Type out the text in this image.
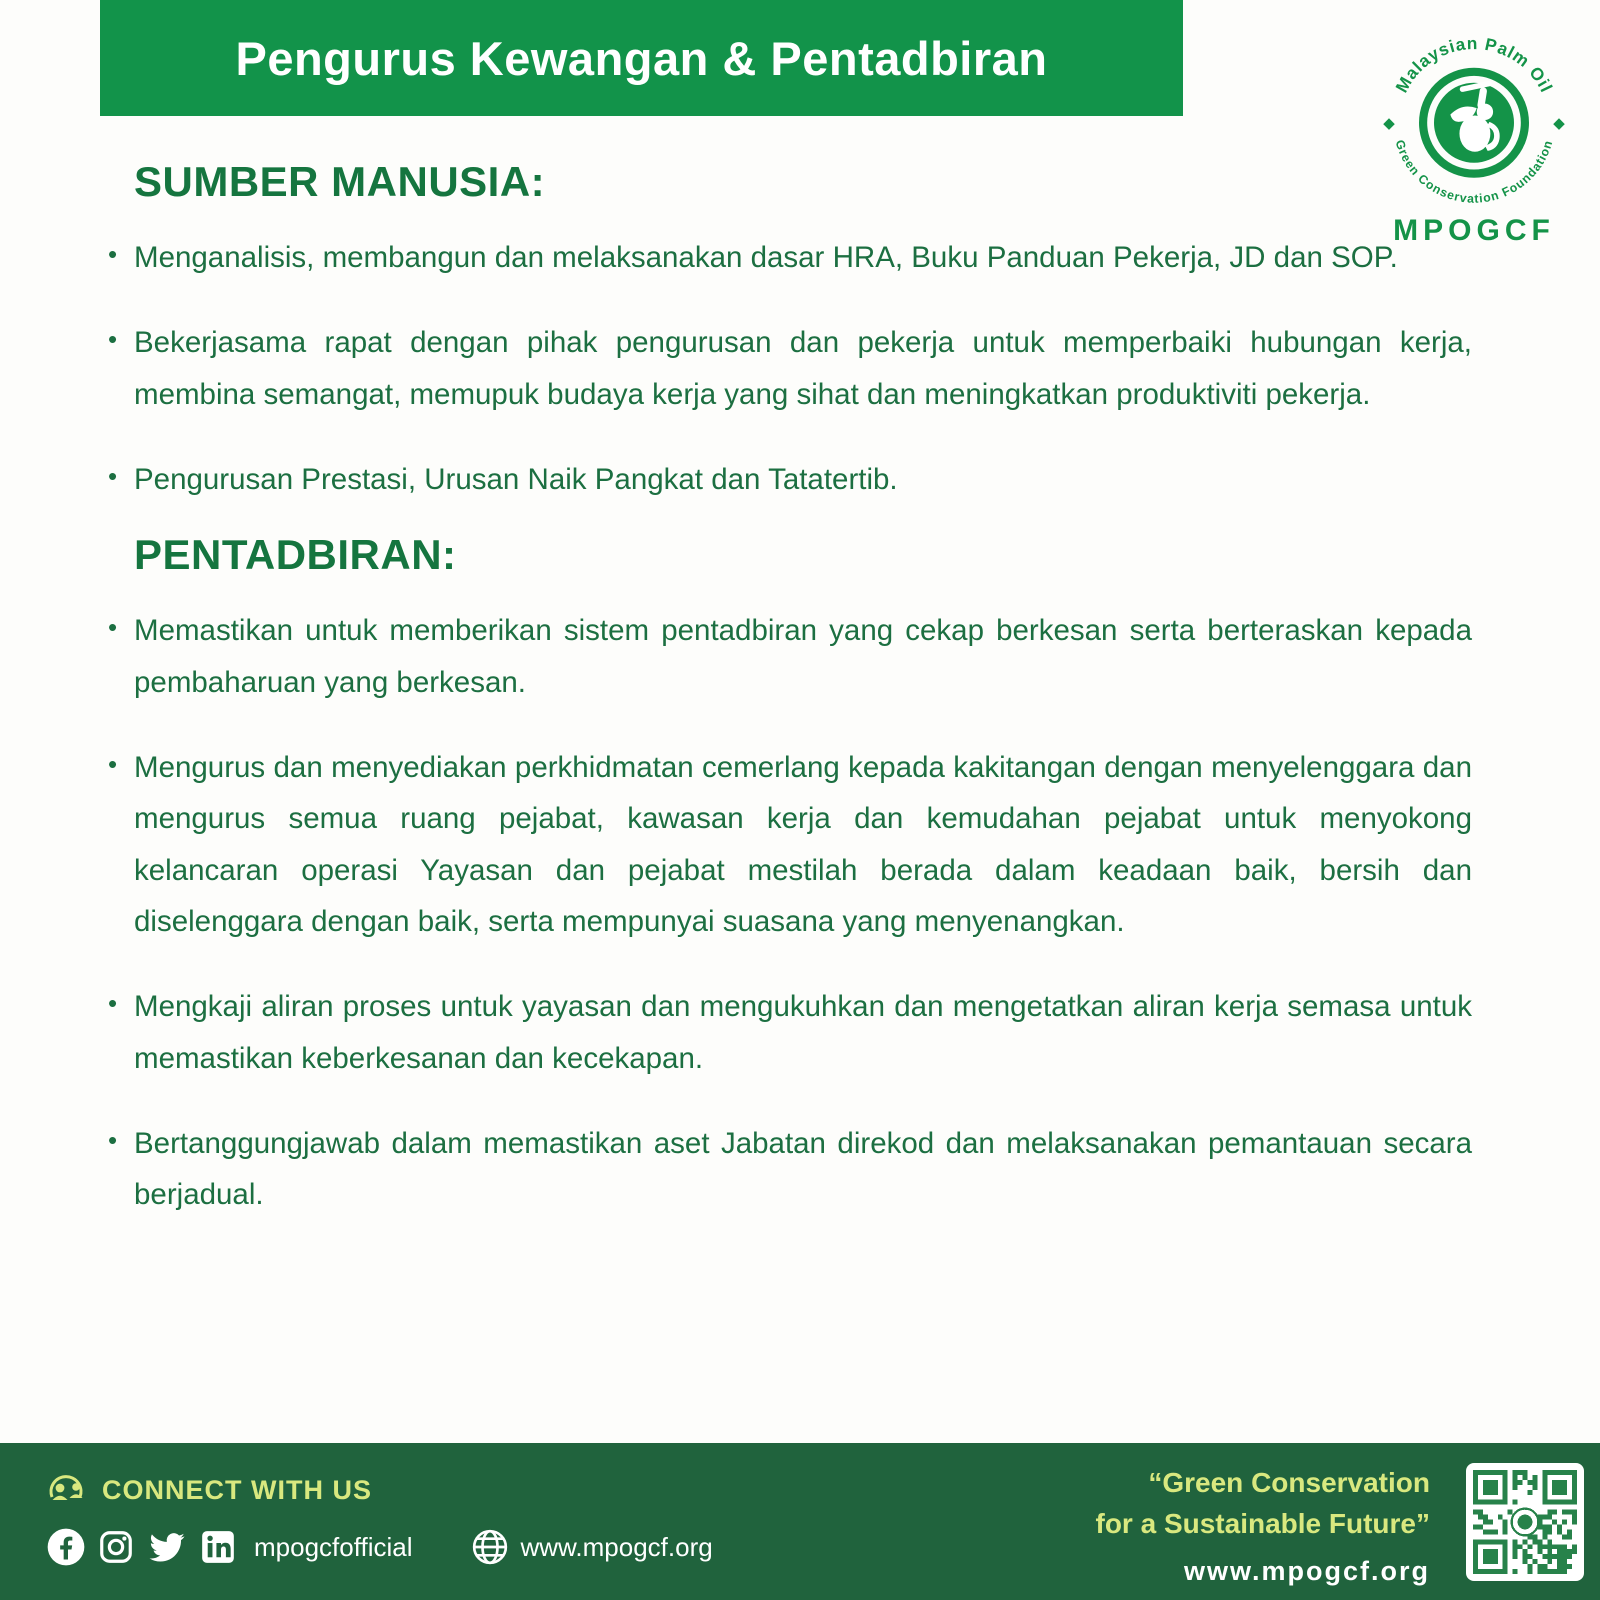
Pengurus Kewangan & Pentadbiran	Malaysian Palm Oil
Green Conservation Foundation
MPOGCF
SUMBER MANUSIA:
• Menganalisis, membangun dan melaksanakan dasar HRA, Buku Panduan Pekerja, JD dan SOP.
• Bekerjasama rapat dengan pihak pengurusan dan pekerja untuk memperbaiki hubungan kerja, membina semangat, memupuk budaya kerja yang sihat dan meningkatkan produktiviti pekerja.
• Pengurusan Prestasi, Urusan Naik Pangkat dan Tatatertib.
PENTADBIRAN:
• Memastikan untuk memberikan sistem pentadbiran yang cekap berkesan serta berteraskan kepada pembaharuan yang berkesan.
• Mengurus dan menyediakan perkhidmatan cemerlang kepada kakitangan dengan menyelenggara dan mengurus semua ruang pejabat, kawasan kerja dan kemudahan pejabat untuk menyokong kelancaran operasi Yayasan dan pejabat mestilah berada dalam keadaan baik, bersih dan diselenggara dengan baik, serta mempunyai suasana yang menyenangkan.
• Mengkaji aliran proses untuk yayasan dan mengukuhkan dan mengetatkan aliran kerja semasa untuk memastikan keberkesanan dan kecekapan.
• Bertanggungjawab dalam memastikan aset Jabatan direkod dan melaksanakan pemantauan secara berjadual.
CONNECT WITH US
mpogcfofficial	www.mpogcf.org
“Green Conservation
for a Sustainable Future”
www.mpogcf.org
